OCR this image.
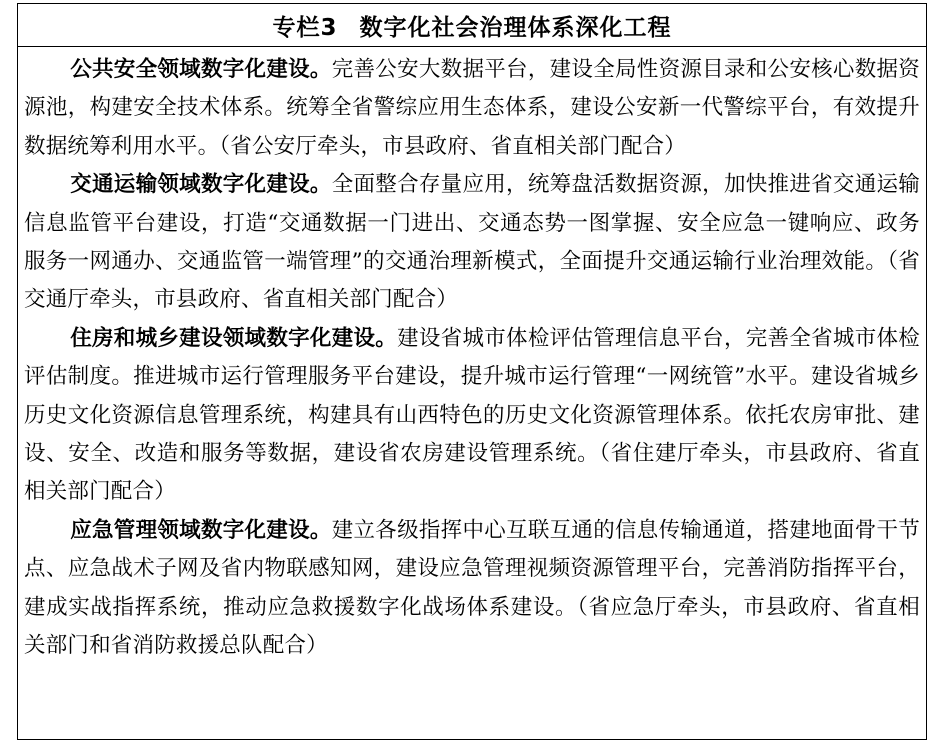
专栏3 数字化社会治理体系深化工程

公共安全领域数字化建设。完善公安大数据平台，建设全局性资源目录和公安核心数据资源池，构建安全技术体系。统筹全省警综应用生态体系，建设公安新一代警综平台，有效提升数据统筹利用水平。（省公安厅牵头，市县政府、省直相关部门配合）

交通运输领域数字化建设。全面整合存量应用，统筹盘活数据资源，加快推进省交通运输信息监管平台建设，打造“交通数据一门进出、交通态势一图掌握、安全应急一键响应、政务服务一网通办、交通监管一端管理”的交通治理新模式，全面提升交通运输行业治理效能。（省交通厅牵头，市县政府、省直相关部门配合）

住房和城乡建设领域数字化建设。建设省城市体检评估管理信息平台，完善全省城市体检评估制度。推进城市运行管理服务平台建设，提升城市运行管理“一网统管”水平。建设省城乡历史文化资源信息管理系统，构建具有山西特色的历史文化资源管理体系。依托农房审批、建设、安全、改造和服务等数据，建设省农房建设管理系统。（省住建厅牵头，市县政府、省直相关部门配合）

应急管理领域数字化建设。建立各级指挥中心互联互通的信息传输通道，搭建地面骨干节点、应急战术子网及省内物联感知网，建设应急管理视频资源管理平台，完善消防指挥平台，建成实战指挥系统，推动应急救援数字化战场体系建设。（省应急厅牵头，市县政府、省直相关部门和省消防救援总队配合）
